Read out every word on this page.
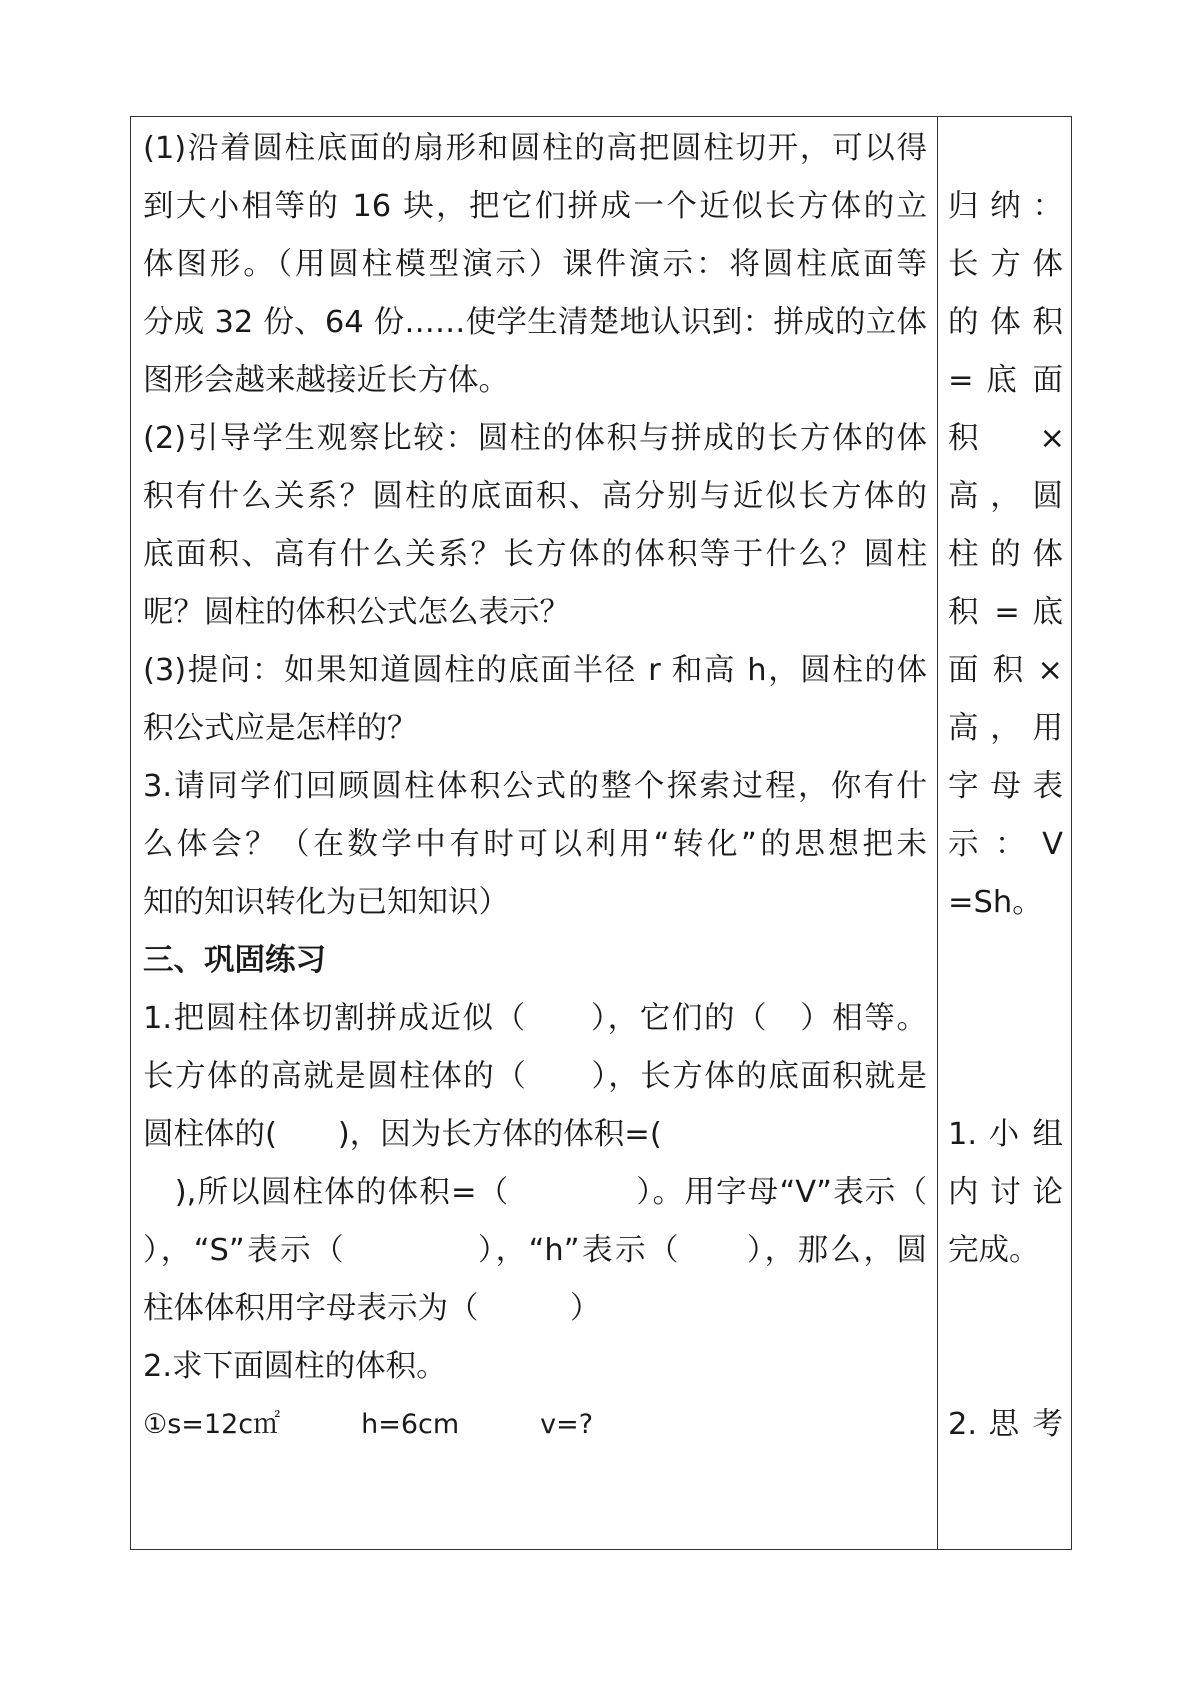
(1)沿着圆柱底面的扇形和圆柱的高把圆柱切开，可以得
到大小相等的 16 块，把它们拼成一个近似长方体的立
体图形。（用圆柱模型演示）课件演示：将圆柱底面等
分成 32 份、64 份……使学生清楚地认识到：拼成的立体
图形会越来越接近长方体。
(2)引导学生观察比较：圆柱的体积与拼成的长方体的体
积有什么关系？圆柱的底面积、高分别与近似长方体的
底面积、高有什么关系？长方体的体积等于什么？圆柱
呢？圆柱的体积公式怎么表示？
(3)提问：如果知道圆柱的底面半径 r 和高 h，圆柱的体
积公式应是怎样的？
3.请同学们回顾圆柱体积公式的整个探索过程，你有什
么体会？（在数学中有时可以利用“转化”的思想把未
知的知识转化为已知知识）
三、巩固练习
1.把圆柱体切割拼成近似（　　），它们的（　）相等。
长方体的高就是圆柱体的（　　），长方体的底面积就是
圆柱体的(　　)，因为长方体的体积=(
　),所以圆柱体的体积=（　　　　）。用字母“V”表示（
），“S”表示（　　　　），“h”表示（　　），那么，圆
柱体体积用字母表示为（　　　）
2.求下面圆柱的体积。
①s=12c㎡　　　h=6cm　　　v=?
归 纳 ：
长 方 体
的 体 积
= 底 面
积　　×
高 ， 圆
柱 的 体
积 = 底
面 积 ×
高 ， 用
字 母 表
示 ： V
=Sh。
1. 小 组
内 讨 论
完成。
2. 思 考
